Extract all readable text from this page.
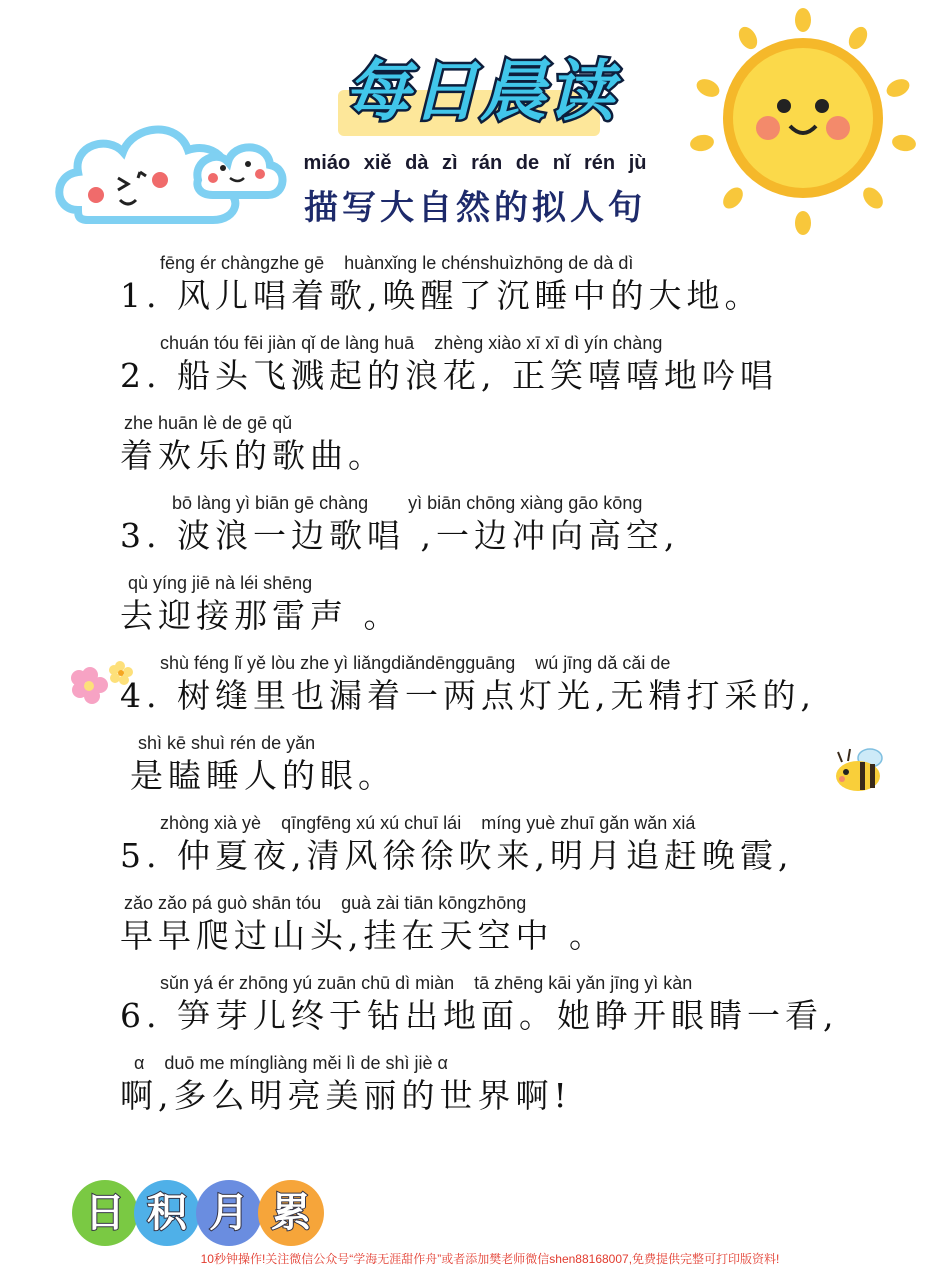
每日晨读
miáo xiě dà zì rán de nǐ rén jù
描写大自然的拟人句
fēng ér chàngzhe gē    huànxǐng le chénshuìzhōng de dà dì
1. 风儿唱着歌,唤醒了沉睡中的大地。
chuán tóu fēi jiàn qǐ de làng huā    zhèng xiào xī xī dì yín chàng
2. 船头飞溅起的浪花, 正笑嘻嘻地吟唱
zhe huān lè de gē qǔ
着欢乐的歌曲。
bō làng yì biān gē chàng        yì biān chōng xiàng gāo kōng
3. 波浪一边歌唱 ,一边冲向高空,
qù yíng jiē nà léi shēng
去迎接那雷声 。
shù féng lǐ yě lòu zhe yì liǎngdiǎndēngguāng    wú jīng dǎ cǎi de
4. 树缝里也漏着一两点灯光,无精打采的,
shì kē shuì rén de yǎn
是瞌睡人的眼。
zhòng xià yè    qīngfēng xú xú chuī lái    míng yuè zhuī gǎn wǎn xiá
5. 仲夏夜,清风徐徐吹来,明月追赶晚霞,
zǎo zǎo pá guò shān tóu    guà zài tiān kōngzhōng
早早爬过山头,挂在天空中 。
sǔn yá ér zhōng yú zuān chū dì miàn    tā zhēng kāi yǎn jīng yì kàn
6. 笋芽儿终于钻出地面。她睁开眼睛一看,
α    duō me míngliàng měi lì de shì jiè α
啊,多么明亮美丽的世界啊!
日 积 月 累
10秒钟操作!关注微信公众号“学海无涯甜作舟”或者添加樊老师微信shen88168007,免费提供完整可打印版资料!
